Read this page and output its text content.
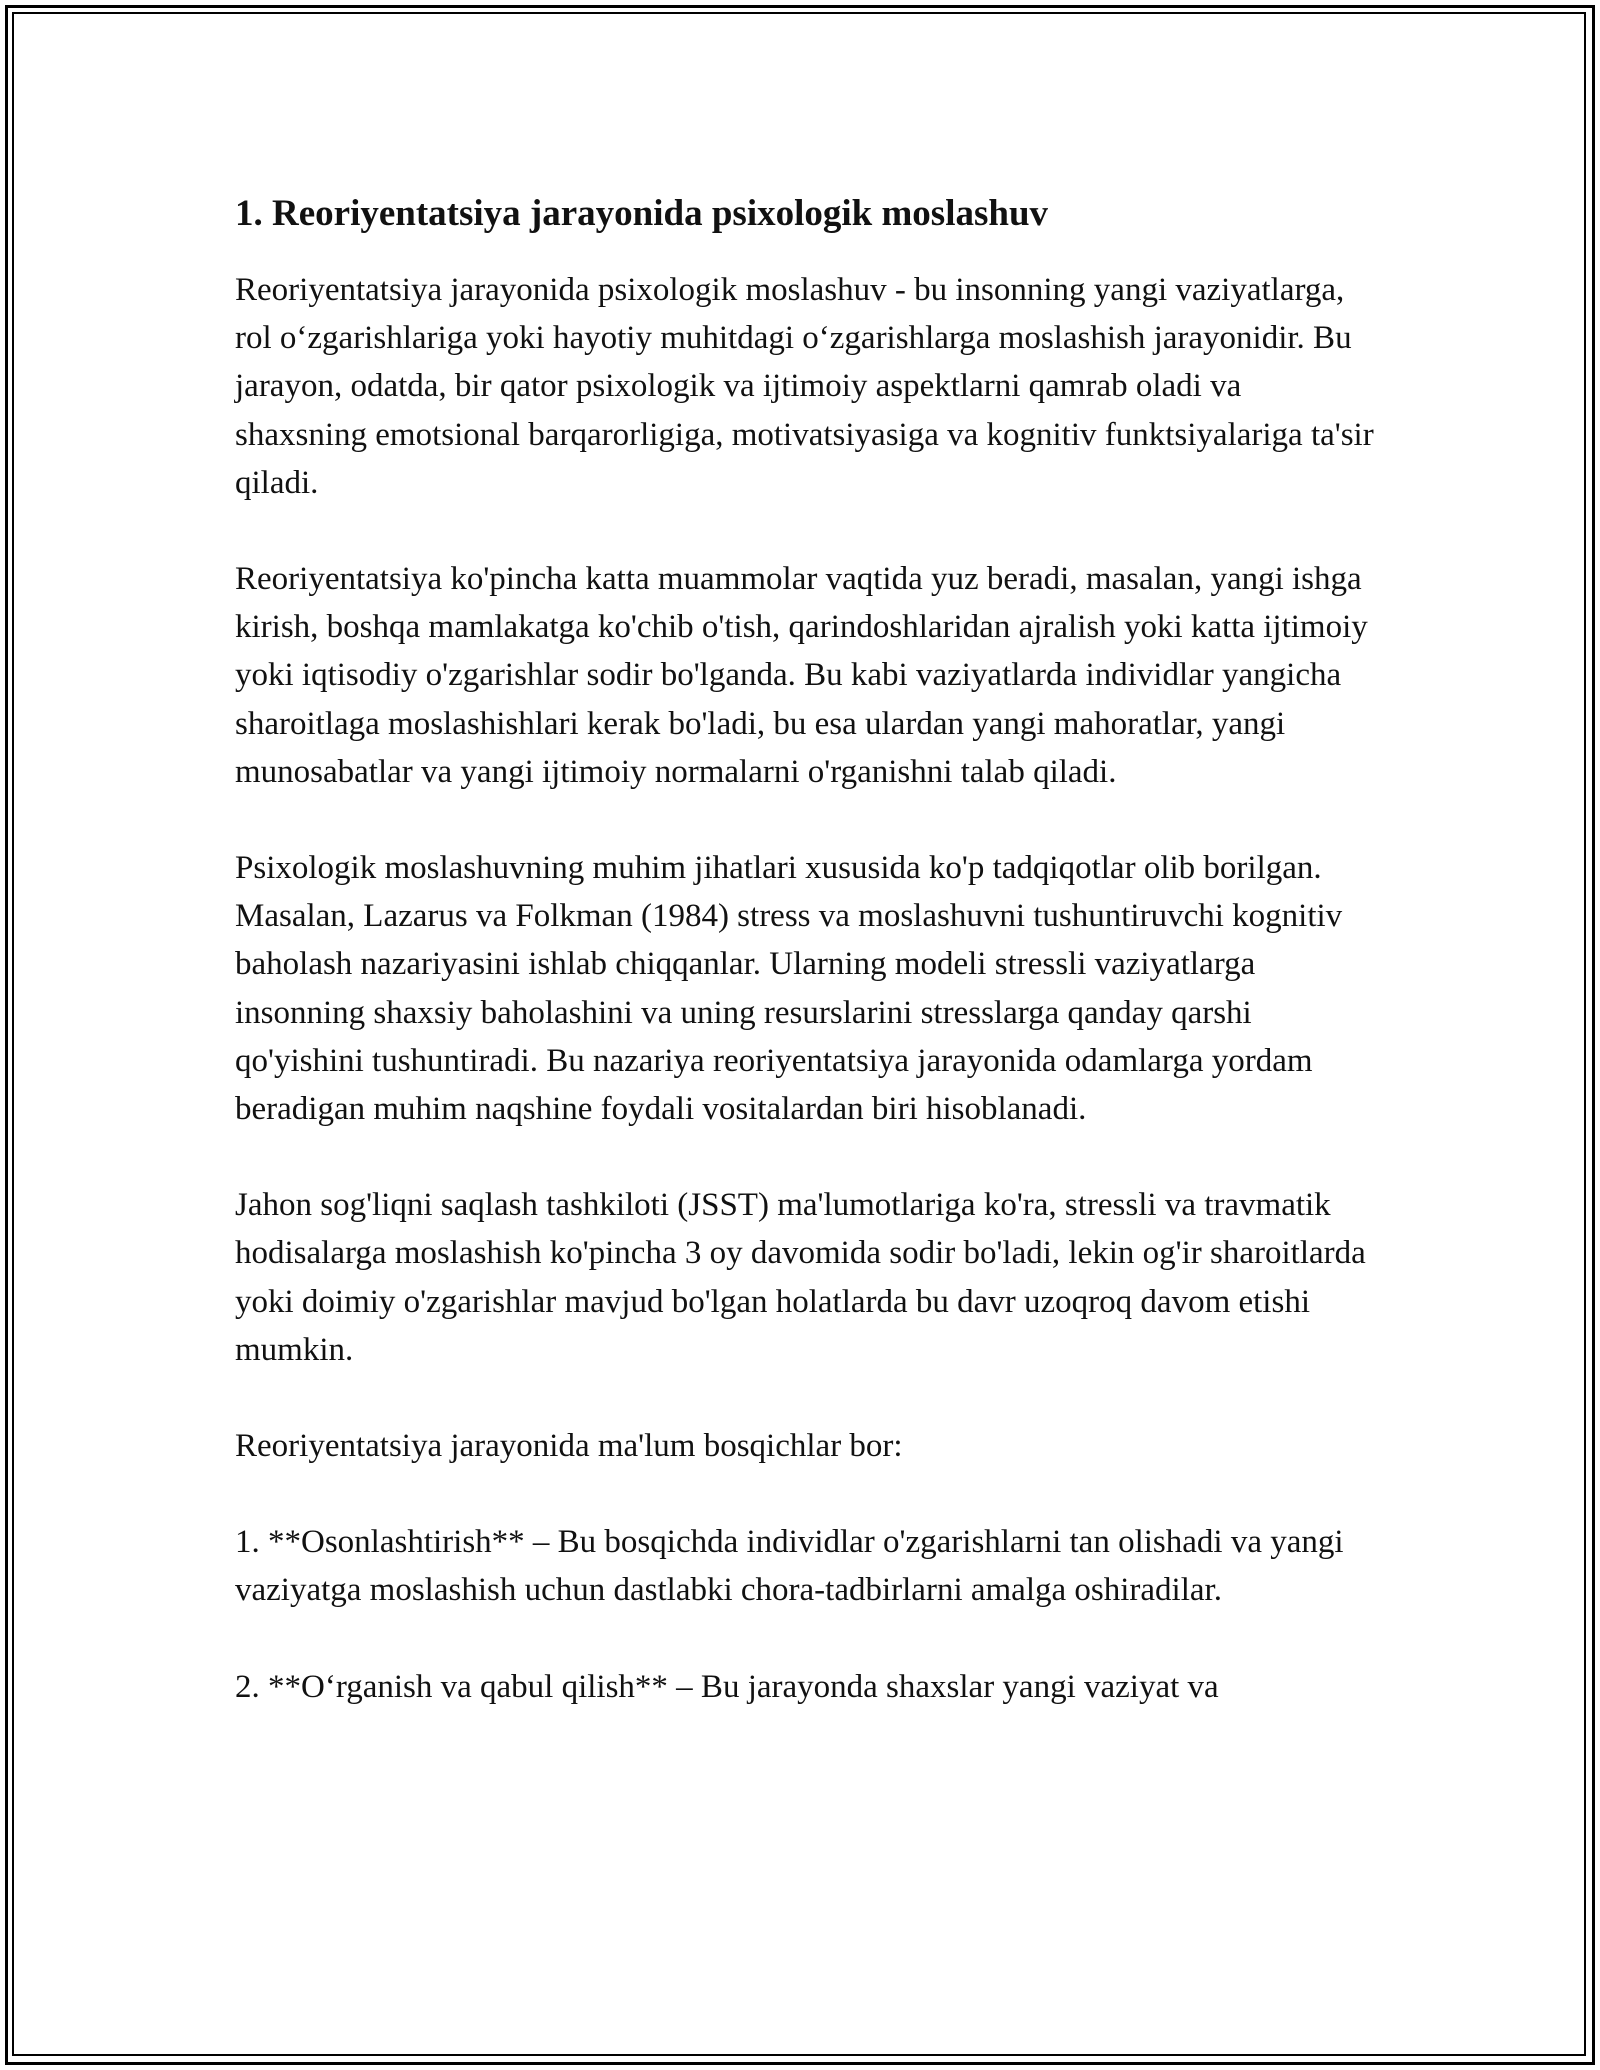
1. Reoriyentatsiya jarayonida psixologik moslashuv

Reoriyentatsiya jarayonida psixologik moslashuv - bu insonning yangi vaziyatlarga, rol o‘zgarishlariga yoki hayotiy muhitdagi o‘zgarishlarga moslashish jarayonidir. Bu jarayon, odatda, bir qator psixologik va ijtimoiy aspektlarni qamrab oladi va shaxsning emotsional barqarorligiga, motivatsiyasiga va kognitiv funktsiyalariga ta'sir qiladi.

Reoriyentatsiya ko'pincha katta muammolar vaqtida yuz beradi, masalan, yangi ishga kirish, boshqa mamlakatga ko'chib o'tish, qarindoshlaridan ajralish yoki katta ijtimoiy yoki iqtisodiy o'zgarishlar sodir bo'lganda. Bu kabi vaziyatlarda individlar yangicha sharoitlaga moslashishlari kerak bo'ladi, bu esa ulardan yangi mahoratlar, yangi munosabatlar va yangi ijtimoiy normalarni o'rganishni talab qiladi.

Psixologik moslashuvning muhim jihatlari xususida ko'p tadqiqotlar olib borilgan. Masalan, Lazarus va Folkman (1984) stress va moslashuvni tushuntiruvchi kognitiv baholash nazariyasini ishlab chiqqanlar. Ularning modeli stressli vaziyatlarga insonning shaxsiy baholashini va uning resurslarini stresslarga qanday qarshi qo'yishini tushuntiradi. Bu nazariya reoriyentatsiya jarayonida odamlarga yordam beradigan muhim naqshine foydali vositalardan biri hisoblanadi.

Jahon sog'liqni saqlash tashkiloti (JSST) ma'lumotlariga ko'ra, stressli va travmatik hodisalarga moslashish ko'pincha 3 oy davomida sodir bo'ladi, lekin og'ir sharoitlarda yoki doimiy o'zgarishlar mavjud bo'lgan holatlarda bu davr uzoqroq davom etishi mumkin.

Reoriyentatsiya jarayonida ma'lum bosqichlar bor:

1. **Osonlashtirish** – Bu bosqichda individlar o'zgarishlarni tan olishadi va yangi vaziyatga moslashish uchun dastlabki chora-tadbirlarni amalga oshiradilar.

2. **O‘rganish va qabul qilish** – Bu jarayonda shaxslar yangi vaziyat va
